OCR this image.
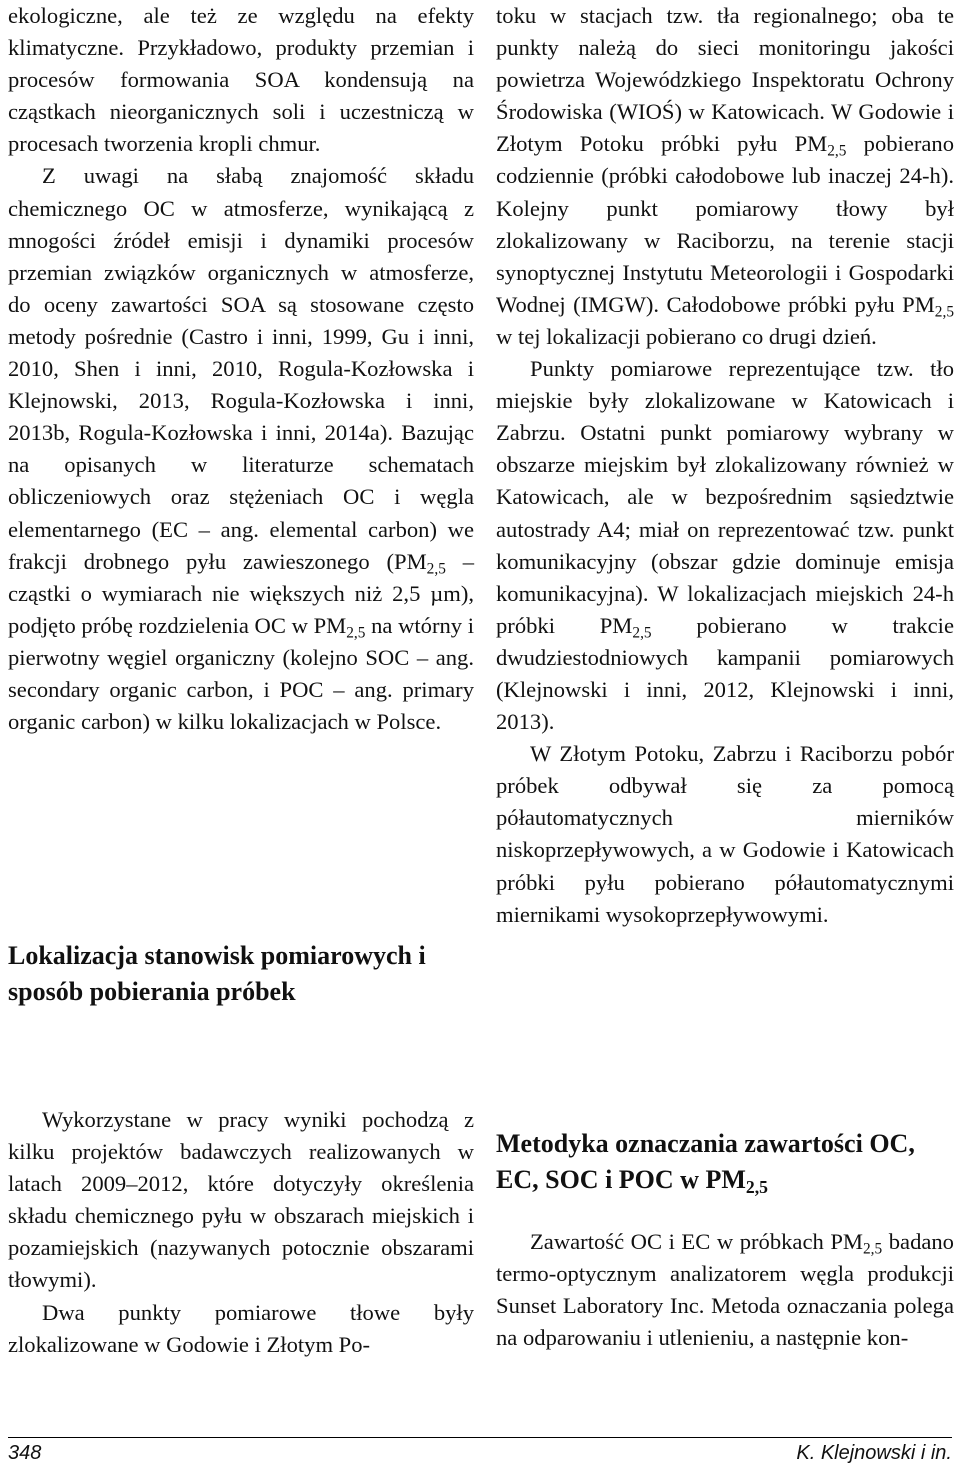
ekologiczne, ale też ze względu na efekty klimatyczne. Przykładowo, produkty przemian i procesów formowania SOA kondensują na cząstkach nieorganicznych soli i uczestniczą w procesach tworzenia kropli chmur.

Z uwagi na słabą znajomość składu chemicznego OC w atmosferze, wynikającą z mnogości źródeł emisji i dynamiki procesów przemian związków organicznych w atmosferze, do oceny zawartości SOA są stosowane często metody pośrednie (Castro i inni, 1999, Gu i inni, 2010, Shen i inni, 2010, Rogula-Kozłowska i Klejnowski, 2013, Rogula-Kozłowska i inni, 2013b, Rogula-Kozłowska i inni, 2014a). Bazując na opisanych w literaturze schematach obliczeniowych oraz stężeniach OC i węgla elementarnego (EC – ang. elemental carbon) we frakcji drobnego pyłu zawieszonego ($PM_{2,5}$ – cząstki o wymiarach nie większych niż 2,5 µm), podjęto próbę rozdzielenia OC w $PM_{2,5}$ na wtórny i pierwotny węgiel organiczny (kolejno SOC – ang. secondary organic carbon, i POC – ang. primary organic carbon) w kilku lokalizacjach w Polsce.

Lokalizacja stanowisk pomiarowych i sposób pobierania próbek

Wykorzystane w pracy wyniki pochodzą z kilku projektów badawczych realizowanych w latach 2009–2012, które dotyczyły określenia składu chemicznego pyłu w obszarach miejskich i pozamiejskich (nazywanych potocznie obszarami tłowymi).

Dwa punkty pomiarowe tłowe były zlokalizowane w Godowie i Złotym Po-

toku w stacjach tzw. tła regionalnego; oba te punkty należą do sieci monitoringu jakości powietrza Wojewódzkiego Inspektoratu Ochrony Środowiska (WIOŚ) w Katowicach. W Godowie i Złotym Potoku próbki pyłu $PM_{2,5}$ pobierano codziennie (próbki całodobowe lub inaczej 24-h). Kolejny punkt pomiarowy tłowy był zlokalizowany w Raciborzu, na terenie stacji synoptycznej Instytutu Meteorologii i Gospodarki Wodnej (IMGW). Całodobowe próbki pyłu $PM_{2,5}$ w tej lokalizacji pobierano co drugi dzień.

Punkty pomiarowe reprezentujące tzw. tło miejskie były zlokalizowane w Katowicach i Zabrzu. Ostatni punkt pomiarowy wybrany w obszarze miejskim był zlokalizowany również w Katowicach, ale w bezpośrednim sąsiedztwie autostrady A4; miał on reprezentować tzw. punkt komunikacyjny (obszar gdzie dominuje emisja komunikacyjna). W lokalizacjach miejskich 24-h próbki $PM_{2,5}$ pobierano w trakcie dwudziestodniowych kampanii pomiarowych (Klejnowski i inni, 2012, Klejnowski i inni, 2013).

W Złotym Potoku, Zabrzu i Raciborzu pobór próbek odbywał się za pomocą półautomatycznych mierników niskoprzepływowych, a w Godowie i Katowicach próbki pyłu pobierano półautomatycznymi miernikami wysokoprzepływowymi.

Metodyka oznaczania zawartości OC, EC, SOC i POC w $PM_{2,5}$

Zawartość OC i EC w próbkach $PM_{2,5}$ badano termo-optycznym analizatorem węgla produkcji Sunset Laboratory Inc. Metoda oznaczania polega na odparowaniu i utlenieniu, a następnie kon-

348	K. Klejnowski i in.
